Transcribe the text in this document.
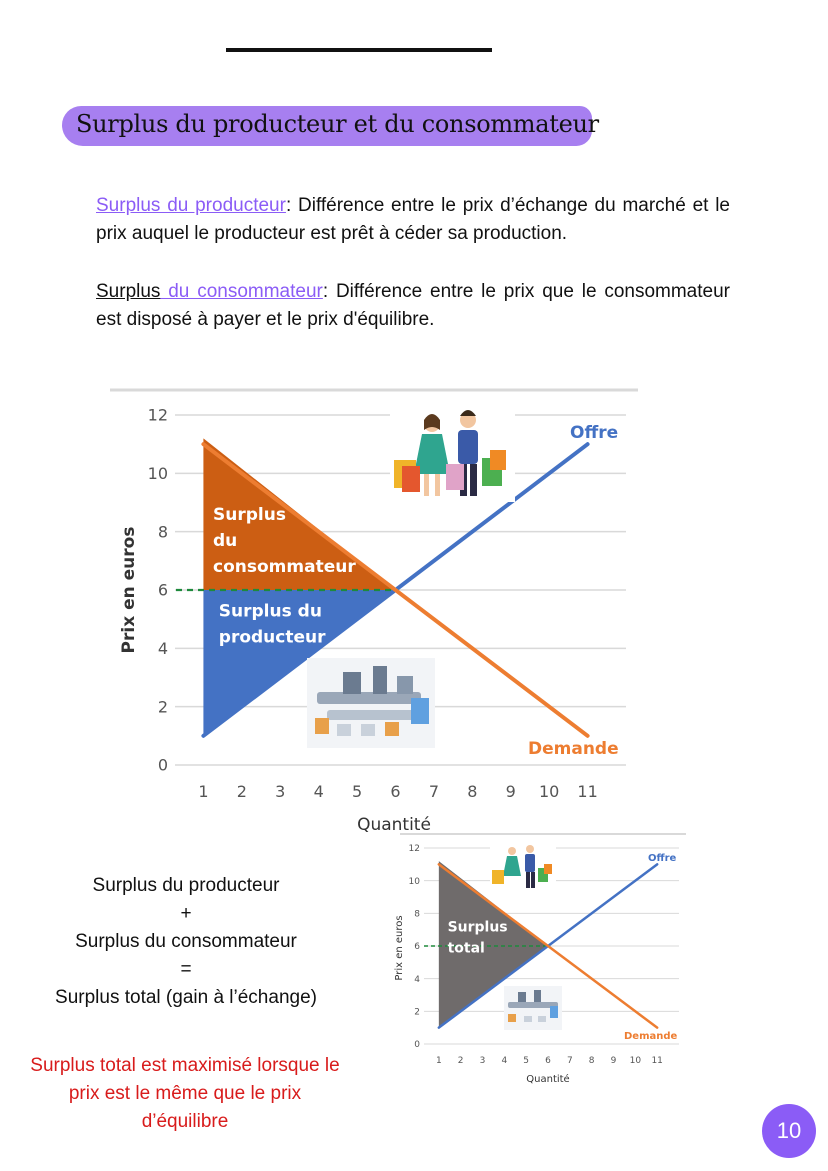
Surplus du producteur et du consommateur

Surplus du producteur: Différence entre le prix d’échange du marché et le prix auquel le producteur est prêt à céder sa production.

Surplus du consommateur: Différence entre le prix que le consommateur est disposé à payer et le prix d'équilibre.

Surplus
du
consommateur
Surplus du
producteur
0
2
4
6
8
10
12
1 2 3 4 5 6 7 8 9 10 11
Offre
Demande
Prix en euros
Quantité
Surplus
total
0
2
4
6
8
10
12
1 2 3 4 5 6 7 8 9 10 11
Offre
Demande
Prix en euros
Quantité
Surplus du producteur
+
Surplus du consommateur
=
Surplus total (gain à l’échange)
Surplus total est maximisé lorsque le prix est le même que le prix d’équilibre	10
